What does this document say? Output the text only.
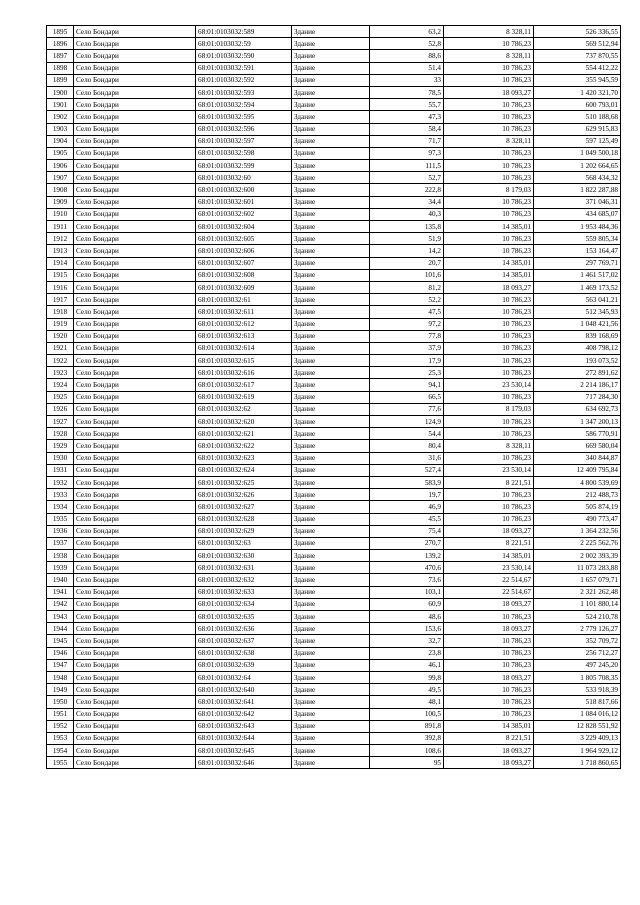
1895	Село Бондари	68:01:0103032:589	Здание	63,2	8 328,11	526 336,55
1896	Село Бондари	68:01:0103032:59	Здание	52,8	10 786,23	569 512,94
1897	Село Бондари	68:01:0103032:590	Здание	88,6	8 328,11	737 870,55
1898	Село Бондари	68:01:0103032:591	Здание	51,4	10 786,23	554 412,22
1899	Село Бондари	68:01:0103032:592	Здание	33	10 786,23	355 945,59
1900	Село Бондари	68:01:0103032:593	Здание	78,5	18 093,27	1 420 321,70
1901	Село Бондари	68:01:0103032:594	Здание	55,7	10 786,23	600 793,01
1902	Село Бондари	68:01:0103032:595	Здание	47,3	10 786,23	510 188,68
1903	Село Бондари	68:01:0103032:596	Здание	58,4	10 786,23	629 915,83
1904	Село Бондари	68:01:0103032:597	Здание	71,7	8 328,11	597 125,49
1905	Село Бондари	68:01:0103032:598	Здание	97,3	10 786,23	1 049 500,18
1906	Село Бондари	68:01:0103032:599	Здание	111,5	10 786,23	1 202 664,65
1907	Село Бондари	68:01:0103032:60	Здание	52,7	10 786,23	568 434,32
1908	Село Бондари	68:01:0103032:600	Здание	222,8	8 179,03	1 822 287,88
1909	Село Бондари	68:01:0103032:601	Здание	34,4	10 786,23	371 046,31
1910	Село Бондари	68:01:0103032:602	Здание	40,3	10 786,23	434 685,07
1911	Село Бондари	68:01:0103032:604	Здание	135,8	14 385,01	1 953 484,36
1912	Село Бондари	68:01:0103032:605	Здание	51,9	10 786,23	559 805,34
1913	Село Бондари	68:01:0103032:606	Здание	14,2	10 786,23	153 164,47
1914	Село Бондари	68:01:0103032:607	Здание	20,7	14 385,01	297 769,71
1915	Село Бондари	68:01:0103032:608	Здание	101,6	14 385,01	1 461 517,02
1916	Село Бондари	68:01:0103032:609	Здание	81,2	18 093,27	1 469 173,52
1917	Село Бондари	68:01:0103032:61	Здание	52,2	10 786,23	563 041,21
1918	Село Бондари	68:01:0103032:611	Здание	47,5	10 786,23	512 345,93
1919	Село Бондари	68:01:0103032:612	Здание	97,2	10 786,23	1 048 421,56
1920	Село Бондари	68:01:0103032:613	Здание	77,8	10 786,23	839 168,69
1921	Село Бондари	68:01:0103032:614	Здание	37,9	10 786,23	408 798,12
1922	Село Бондари	68:01:0103032:615	Здание	17,9	10 786,23	193 073,52
1923	Село Бондари	68:01:0103032:616	Здание	25,3	10 786,23	272 891,62
1924	Село Бондари	68:01:0103032:617	Здание	94,1	23 530,14	2 214 186,17
1925	Село Бондари	68:01:0103032:619	Здание	66,5	10 786,23	717 284,30
1926	Село Бондари	68:01:0103032:62	Здание	77,6	8 179,03	634 692,73
1927	Село Бондари	68:01:0103032:620	Здание	124,9	10 786,23	1 347 200,13
1928	Село Бондари	68:01:0103032:621	Здание	54,4	10 786,23	586 770,91
1929	Село Бондари	68:01:0103032:622	Здание	80,4	8 328,11	669 580,04
1930	Село Бондари	68:01:0103032:623	Здание	31,6	10 786,23	340 844,87
1931	Село Бондари	68:01:0103032:624	Здание	527,4	23 530,14	12 409 795,84
1932	Село Бондари	68:01:0103032:625	Здание	583,9	8 221,51	4 800 539,69
1933	Село Бондари	68:01:0103032:626	Здание	19,7	10 786,23	212 488,73
1934	Село Бондари	68:01:0103032:627	Здание	46,9	10 786,23	505 874,19
1935	Село Бондари	68:01:0103032:628	Здание	45,5	10 786,23	490 773,47
1936	Село Бондари	68:01:0103032:629	Здание	75,4	18 093,27	1 364 232,56
1937	Село Бондари	68:01:0103032:63	Здание	270,7	8 221,51	2 225 562,76
1938	Село Бондари	68:01:0103032:630	Здание	139,2	14 385,01	2 002 393,39
1939	Село Бондари	68:01:0103032:631	Здание	470,6	23 530,14	11 073 283,88
1940	Село Бондари	68:01:0103032:632	Здание	73,6	22 514,67	1 657 079,71
1941	Село Бондари	68:01:0103032:633	Здание	103,1	22 514,67	2 321 262,48
1942	Село Бондари	68:01:0103032:634	Здание	60,9	18 093,27	1 101 880,14
1943	Село Бондари	68:01:0103032:635	Здание	48,6	10 786,23	524 210,78
1944	Село Бондари	68:01:0103032:636	Здание	153,6	18 093,27	2 779 126,27
1945	Село Бондари	68:01:0103032:637	Здание	32,7	10 786,23	352 709,72
1946	Село Бондари	68:01:0103032:638	Здание	23,8	10 786,23	256 712,27
1947	Село Бондари	68:01:0103032:639	Здание	46,1	10 786,23	497 245,20
1948	Село Бондари	68:01:0103032:64	Здание	99,8	18 093,27	1 805 708,35
1949	Село Бондари	68:01:0103032:640	Здание	49,5	10 786,23	533 918,39
1950	Село Бондари	68:01:0103032:641	Здание	48,1	10 786,23	518 817,66
1951	Село Бондари	68:01:0103032:642	Здание	100,5	10 786,23	1 084 016,12
1952	Село Бондари	68:01:0103032:643	Здание	891,8	14 385,01	12 828 551,92
1953	Село Бондари	68:01:0103032:644	Здание	392,8	8 221,51	3 229 409,13
1954	Село Бондари	68:01:0103032:645	Здание	108,6	18 093,27	1 964 929,12
1955	Село Бондари	68:01:0103032:646	Здание	95	18 093,27	1 718 860,65
